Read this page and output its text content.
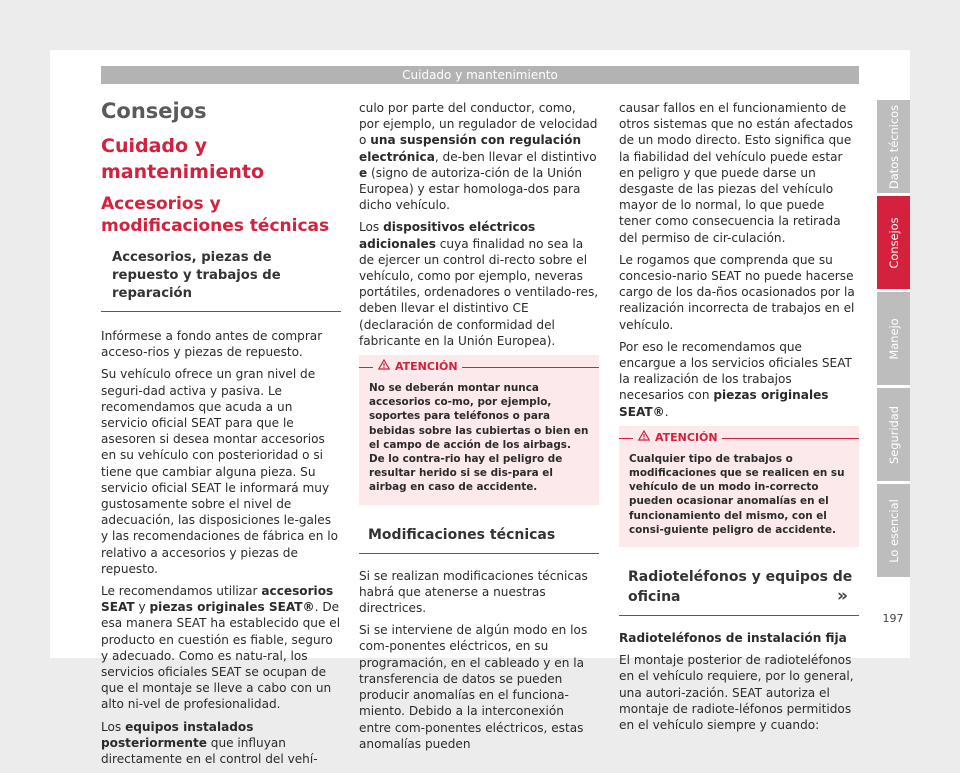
Cuidado y mantenimiento
Consejos
Cuidado y mantenimiento
Accesorios y modificaciones técnicas
Accesorios, piezas de repuesto y trabajos de reparación

Infórmese a fondo antes de comprar acceso-rios y piezas de repuesto.

Su vehículo ofrece un gran nivel de seguri-dad activa y pasiva. Le recomendamos que acuda a un servicio oficial SEAT para que le asesoren si desea montar accesorios en su vehículo con posterioridad o si tiene que cambiar alguna pieza. Su servicio oficial SEAT le informará muy gustosamente sobre el nivel de adecuación, las disposiciones le-gales y las recomendaciones de fábrica en lo relativo a accesorios y piezas de repuesto.

Le recomendamos utilizar accesorios SEAT y piezas originales SEAT®. De esa manera SEAT ha establecido que el producto en cuestión es fiable, seguro y adecuado. Como es natu-ral, los servicios oficiales SEAT se ocupan de que el montaje se lleve a cabo con un alto ni-vel de profesionalidad.

Los equipos instalados posteriormente que influyan directamente en el control del vehí-

culo por parte del conductor, como, por ejemplo, un regulador de velocidad o una suspensión con regulación electrónica, de-ben llevar el distintivo e (signo de autoriza-ción de la Unión Europea) y estar homologa-dos para dicho vehículo.

Los dispositivos eléctricos adicionales cuya finalidad no sea la de ejercer un control di-recto sobre el vehículo, como por ejemplo, neveras portátiles, ordenadores o ventilado-res, deben llevar el distintivo CE (declaración de conformidad del fabricante en la Unión Europea).

ATENCIÓN
No se deberán montar nunca accesorios co-mo, por ejemplo, soportes para teléfonos o para bebidas sobre las cubiertas o bien en el campo de acción de los airbags. De lo contra-rio hay el peligro de resultar herido si se dis-para el airbag en caso de accidente.
Modificaciones técnicas

Si se realizan modificaciones técnicas habrá que atenerse a nuestras directrices.

Si se interviene de algún modo en los com-ponentes eléctricos, en su programación, en el cableado y en la transferencia de datos se pueden producir anomalías en el funciona-miento. Debido a la interconexión entre com-ponentes eléctricos, estas anomalías pueden

causar fallos en el funcionamiento de otros sistemas que no están afectados de un modo directo. Esto significa que la fiabilidad del vehículo puede estar en peligro y que puede darse un desgaste de las piezas del vehículo mayor de lo normal, lo que puede tener como consecuencia la retirada del permiso de cir-culación.

Le rogamos que comprenda que su concesio-nario SEAT no puede hacerse cargo de los da-ños ocasionados por la realización incorrecta de trabajos en el vehículo.

Por eso le recomendamos que encargue a los servicios oficiales SEAT la realización de los trabajos necesarios con piezas originales SEAT®.

ATENCIÓN
Cualquier tipo de trabajos o modificaciones que se realicen en su vehículo de un modo in-correcto pueden ocasionar anomalías en el funcionamiento del mismo, con el consi-guiente peligro de accidente.
Radioteléfonos y equipos de oficina

Radioteléfonos de instalación fija

El montaje posterior de radioteléfonos en el vehículo requiere, por lo general, una autori-zación. SEAT autoriza el montaje de radiote-léfonos permitidos en el vehículo siempre y cuando:

»
Datos técnicos
Consejos
Manejo
Seguridad
Lo esencial
197
